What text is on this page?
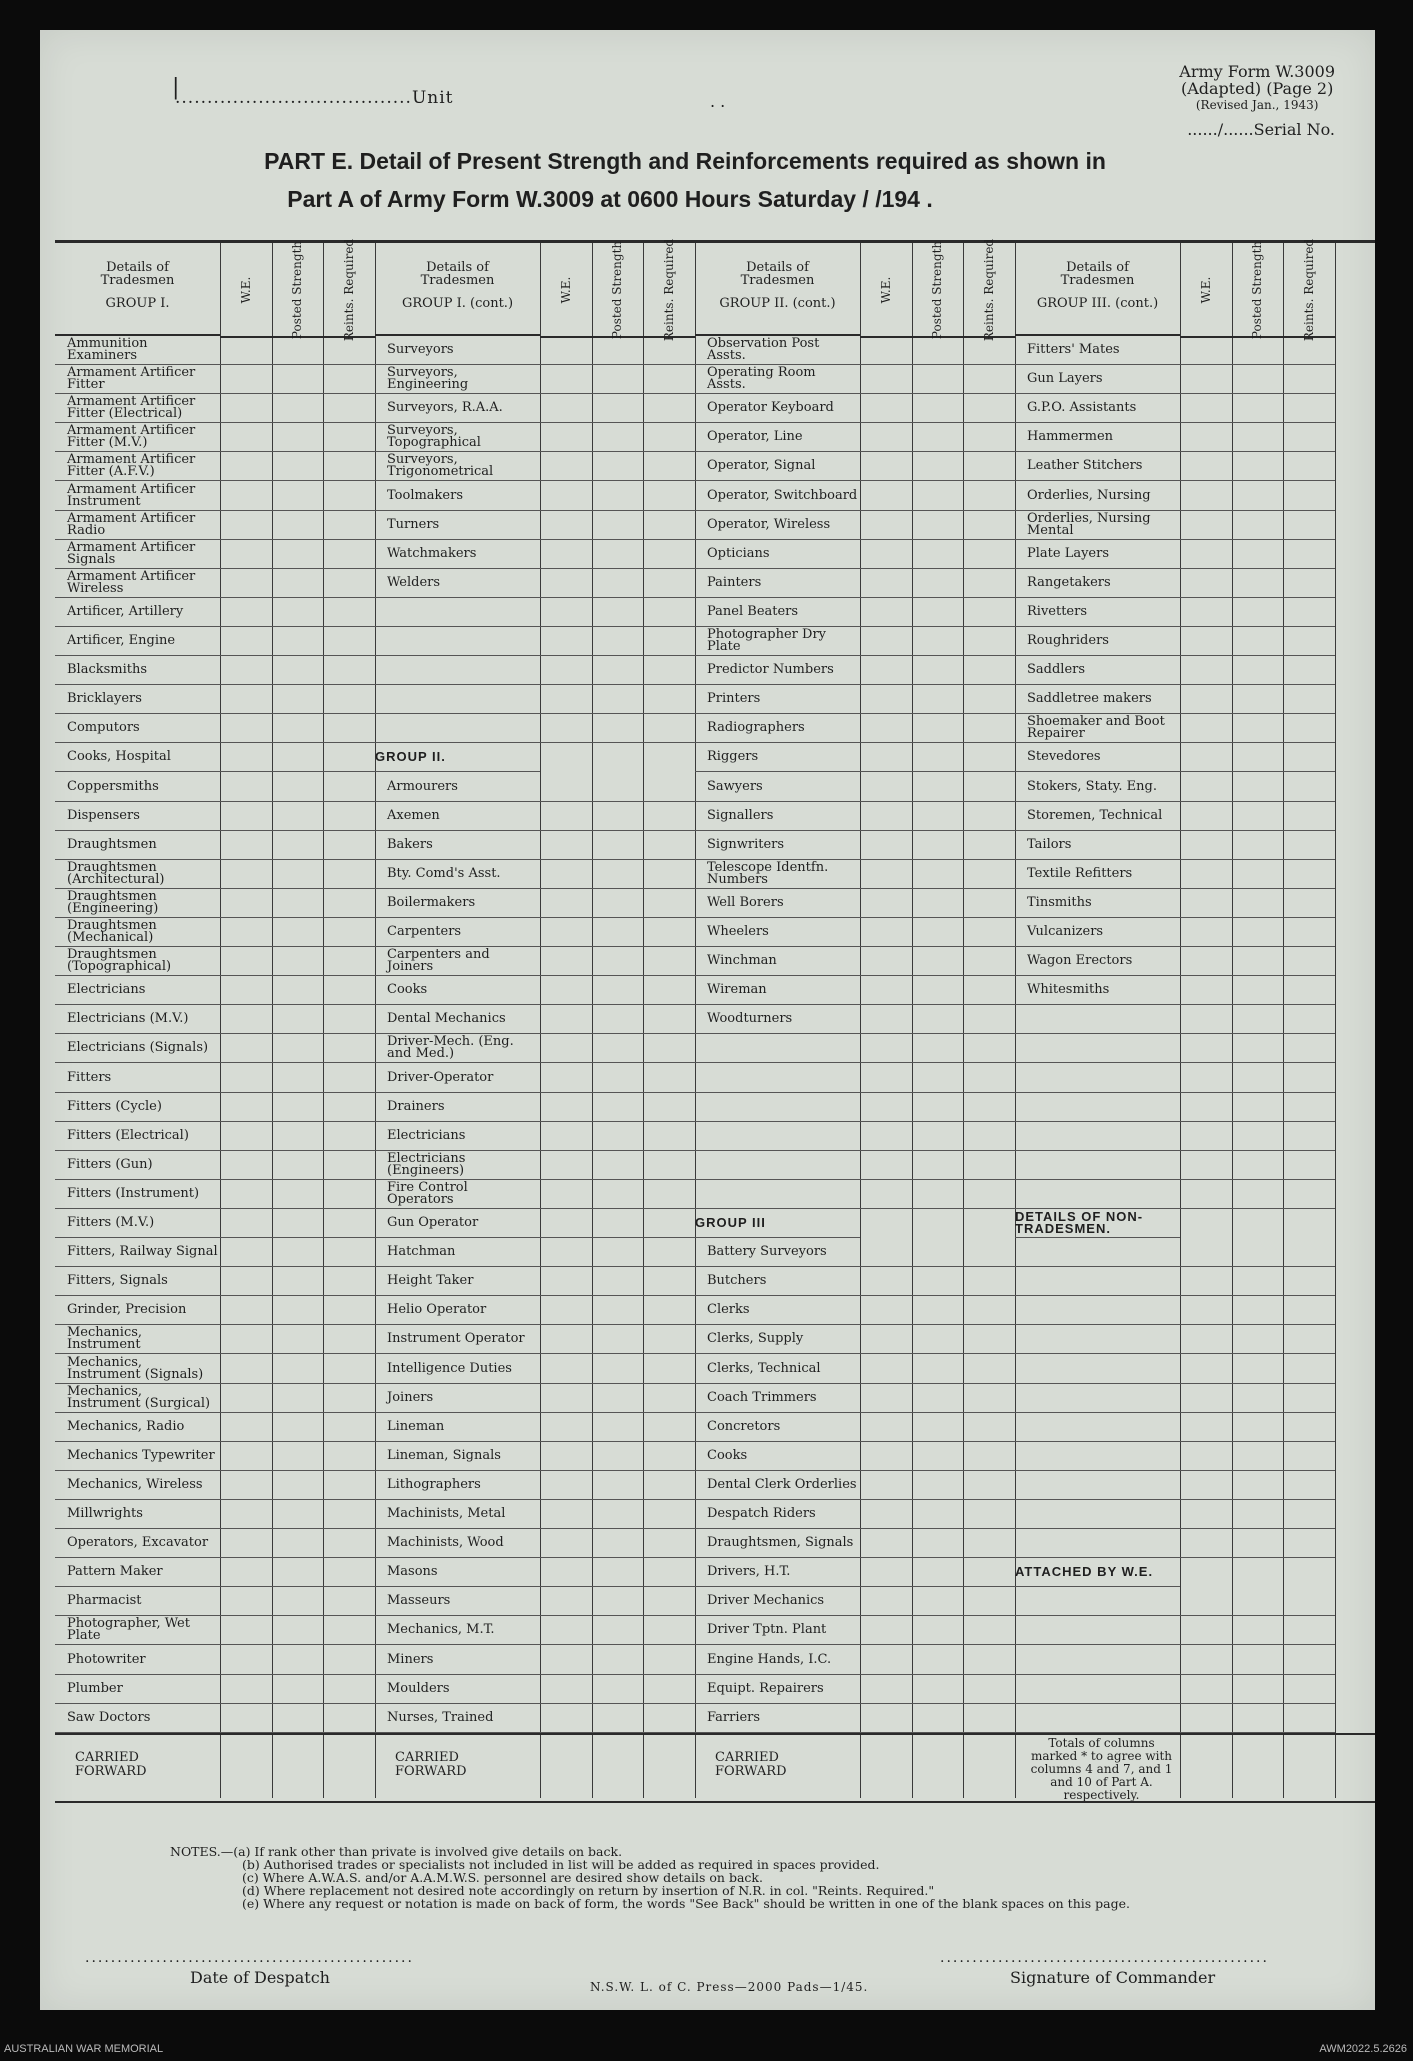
.....................................Unit
|
. .
Army Form W.3009
(Adapted) (Page 2)
(Revised Jan., 1943)
....../......Serial No.
PART E. Detail of Present Strength and Reinforcements required as shown in
Part A of Army Form W.3009 at 0600 Hours Saturday / /194 .
Details of
Tradesmen
GROUP I.
W.E.	Posted Strength	Reints. Required
Ammunition Examiners
Armament Artificer Fitter
Armament Artificer Fitter (Electrical)
Armament Artificer Fitter (M.V.)
Armament Artificer Fitter (A.F.V.)
Armament Artificer Instrument
Armament Artificer Radio
Armament Artificer Signals
Armament Artificer Wireless
Artificer, Artillery
Artificer, Engine
Blacksmiths
Bricklayers
Computors
Cooks, Hospital
Coppersmiths
Dispensers
Draughtsmen
Draughtsmen (Architectural)
Draughtsmen (Engineering)
Draughtsmen (Mechanical)
Draughtsmen (Topographical)
Electricians
Electricians (M.V.)
Electricians (Signals)
Fitters
Fitters (Cycle)
Fitters (Electrical)
Fitters (Gun)
Fitters (Instrument)
Fitters (M.V.)
Fitters, Railway Signal
Fitters, Signals
Grinder, Precision
Mechanics, Instrument
Mechanics, Instrument (Signals)
Mechanics, Instrument (Surgical)
Mechanics, Radio
Mechanics Typewriter
Mechanics, Wireless
Millwrights
Operators, Excavator
Pattern Maker
Pharmacist
Photographer, Wet Plate
Photowriter
Plumber
Saw Doctors
CARRIED FORWARD
Details of
Tradesmen
GROUP I. (cont.)
W.E.	Posted Strength	Reints. Required
Surveyors
Surveyors, Engineering
Surveyors, R.A.A.
Surveyors, Topographical
Surveyors, Trigonometrical
Toolmakers
Turners
Watchmakers
Welders
GROUP II.
Armourers
Axemen
Bakers
Bty. Comd's Asst.
Boilermakers
Carpenters
Carpenters and Joiners
Cooks
Dental Mechanics
Driver-Mech. (Eng. and Med.)
Driver-Operator
Drainers
Electricians
Electricians (Engineers)
Fire Control Operators
Gun Operator
Hatchman
Height Taker
Helio Operator
Instrument Operator
Intelligence Duties
Joiners
Lineman
Lineman, Signals
Lithographers
Machinists, Metal
Machinists, Wood
Masons
Masseurs
Mechanics, M.T.
Miners
Moulders
Nurses, Trained
CARRIED FORWARD
Details of
Tradesmen
GROUP II. (cont.)
W.E.	Posted Strength	Reints. Required
Observation Post Assts.
Operating Room Assts.
Operator Keyboard
Operator, Line
Operator, Signal
Operator, Switchboard
Operator, Wireless
Opticians
Painters
Panel Beaters
Photographer Dry Plate
Predictor Numbers
Printers
Radiographers
Riggers
Sawyers
Signallers
Signwriters
Telescope Identfn. Numbers
Well Borers
Wheelers
Winchman
Wireman
Woodturners
GROUP III
Battery Surveyors
Butchers
Clerks
Clerks, Supply
Clerks, Technical
Coach Trimmers
Concretors
Cooks
Dental Clerk Orderlies
Despatch Riders
Draughtsmen, Signals
Drivers, H.T.
Driver Mechanics
Driver Tptn. Plant
Engine Hands, I.C.
Equipt. Repairers
Farriers
CARRIED FORWARD
Details of
Tradesmen
GROUP III. (cont.)
W.E.	Posted Strength	Reints. Required
Fitters' Mates
Gun Layers
G.P.O. Assistants
Hammermen
Leather Stitchers
Orderlies, Nursing
Orderlies, Nursing Mental
Plate Layers
Rangetakers
Rivetters
Roughriders
Saddlers
Saddletree makers
Shoemaker and Boot Repairer
Stevedores
Stokers, Staty. Eng.
Storemen, Technical
Tailors
Textile Refitters
Tinsmiths
Vulcanizers
Wagon Erectors
Whitesmiths
DETAILS OF NON-TRADESMEN.
ATTACHED BY W.E.
Totals of columns marked * to agree with columns 4 and 7, and 1 and 10 of Part A. respectively.
NOTES.—(a) If rank other than private is involved give details on back.
(b) Authorised trades or specialists not included in list will be added as required in spaces provided.
(c) Where A.W.A.S. and/or A.A.M.W.S. personnel are desired show details on back.
(d) Where replacement not desired note accordingly on return by insertion of N.R. in col. "Reints. Required."
(e) Where any request or notation is made on back of form, the words "See Back" should be written in one of the blank spaces on this page.
...................................................	...................................................
Date of Despatch	Signature of Commander
N.S.W. L. of C. Press—2000 Pads—1/45.
AUSTRALIAN WAR MEMORIAL	AWM2022.5.2626
